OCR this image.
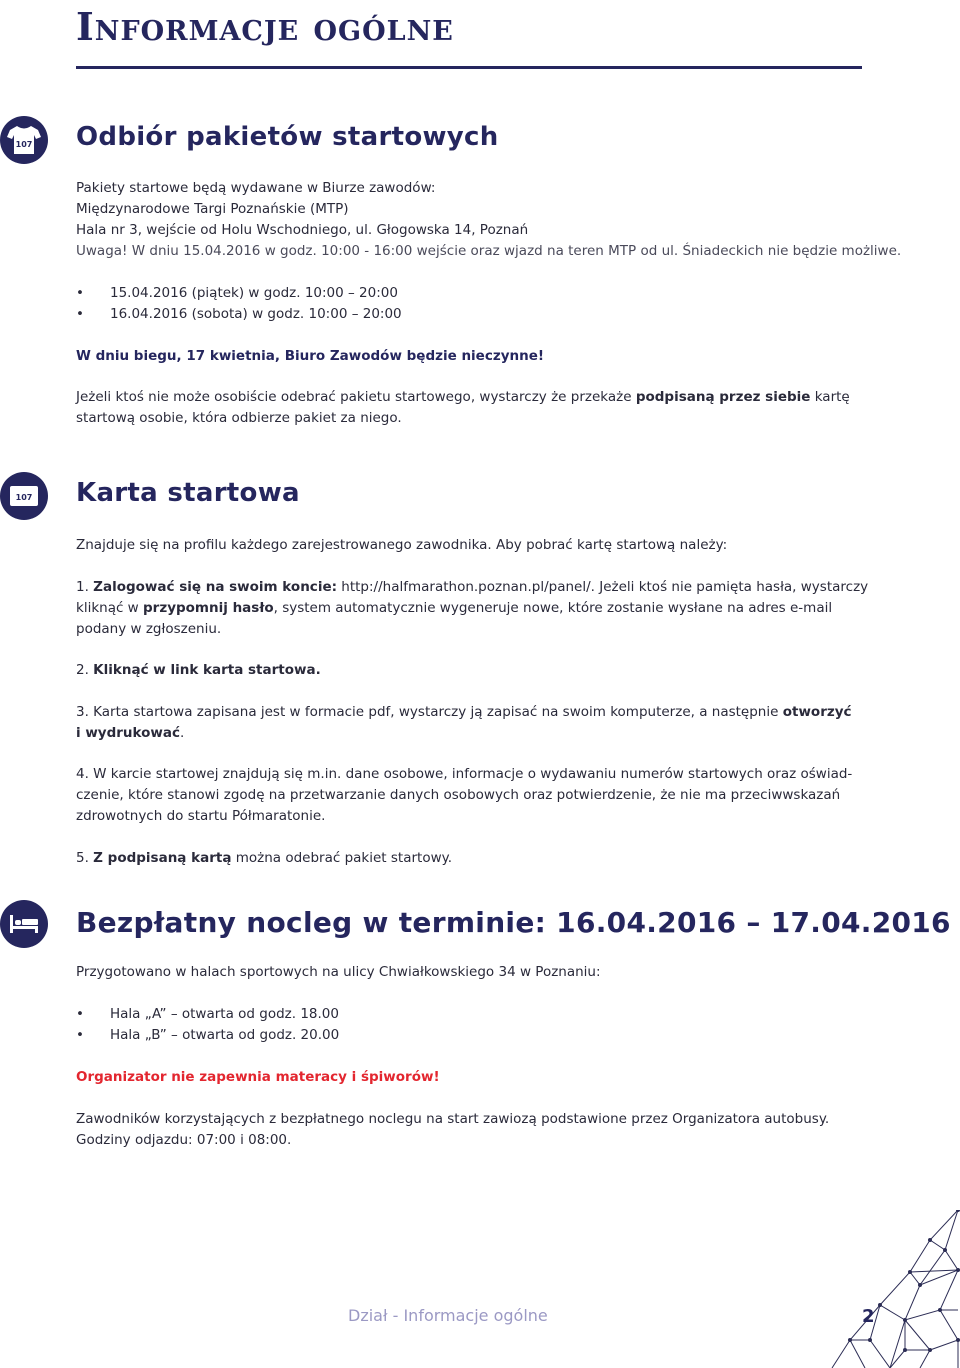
Informacje ogólne
107 Odbiór pakietów startowych
Pakiety startowe będą wydawane w Biurze zawodów:
Międzynarodowe Targi Poznańskie (MTP)
Hala nr 3, wejście od Holu Wschodniego, ul. Głogowska 14, Poznań
Uwaga! W dniu 15.04.2016 w godz. 10:00 - 16:00 wejście oraz wjazd na teren MTP od ul. Śniadeckich nie będzie możliwe.
• 15.04.2016 (piątek) w godz. 10:00 – 20:00
• 16.04.2016 (sobota) w godz. 10:00 – 20:00
W dniu biegu, 17 kwietnia, Biuro Zawodów będzie nieczynne!
Jeżeli ktoś nie może osobiście odebrać pakietu startowego, wystarczy że przekaże podpisaną przez siebie kartę
startową osobie, która odbierze pakiet za niego.
107 Karta startowa
Znajduje się na profilu każdego zarejestrowanego zawodnika. Aby pobrać kartę startową należy:
1. Zalogować się na swoim koncie: http://halfmarathon.poznan.pl/panel/. Jeżeli ktoś nie pamięta hasła, wystarczy
kliknąć w przypomnij hasło, system automatycznie wygeneruje nowe, które zostanie wysłane na adres e-mail
podany w zgłoszeniu.
2. Kliknąć w link karta startowa.
3. Karta startowa zapisana jest w formacie pdf, wystarczy ją zapisać na swoim komputerze, a następnie otworzyć
i wydrukować.
4. W karcie startowej znajdują się m.in. dane osobowe, informacje o wydawaniu numerów startowych oraz oświad-
czenie, które stanowi zgodę na przetwarzanie danych osobowych oraz potwierdzenie, że nie ma przeciwwskazań
zdrowotnych do startu Półmaratonie.
5. Z podpisaną kartą można odebrać pakiet startowy.
Bezpłatny nocleg w terminie: 16.04.2016 – 17.04.2016
Przygotowano w halach sportowych na ulicy Chwiałkowskiego 34 w Poznaniu:
• Hala „A” – otwarta od godz. 18.00
• Hala „B” – otwarta od godz. 20.00
Organizator nie zapewnia materacy i śpiworów!
Zawodników korzystających z bezpłatnego noclegu na start zawiozą podstawione przez Organizatora autobusy.
Godziny odjazdu: 07:00 i 08:00.
Dział - Informacje ogólne	2
